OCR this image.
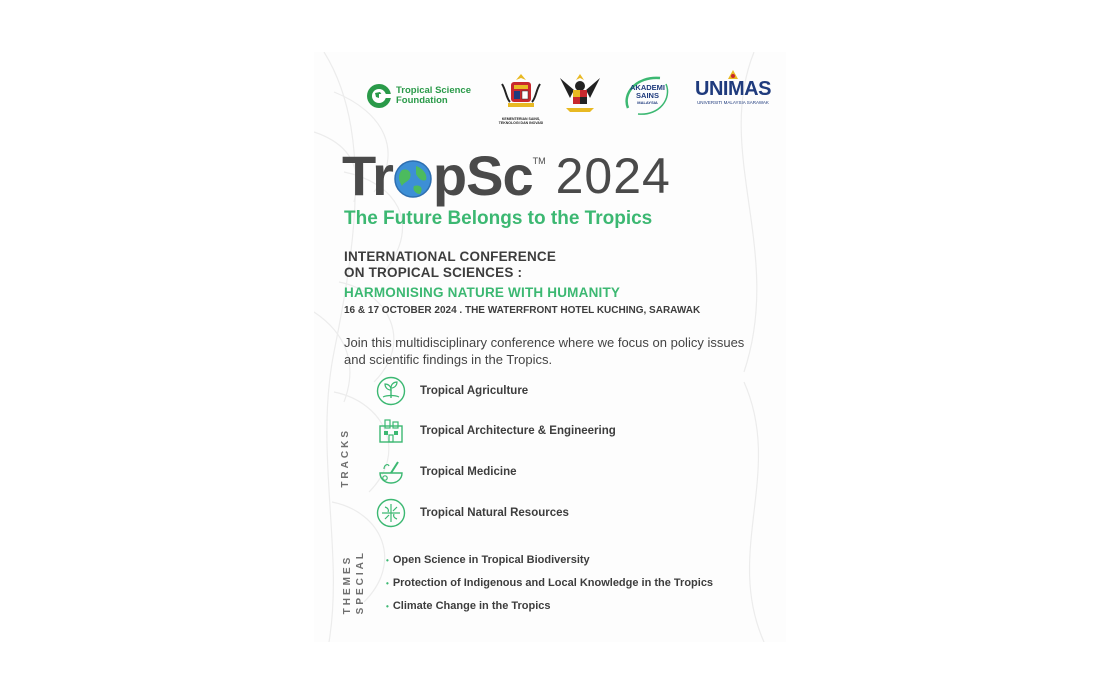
Tropical Science
Foundation
KEMENTERIAN SAINS, TEKNOLOGI DAN INOVASI
AKADEMI
SAINS
MALAYSIA
UNIMAS
UNIVERSITI MALAYSIA SARAWAK
Tr pSc TM 2024
The Future Belongs to the Tropics
INTERNATIONAL CONFERENCE
ON TROPICAL SCIENCES :
HARMONISING NATURE WITH HUMANITY
16 & 17 OCTOBER 2024 . THE WATERFRONT HOTEL KUCHING, SARAWAK
Join this multidisciplinary conference where we focus on policy issues and scientific findings in the Tropics.
TRACKS
Tropical Agriculture
Tropical Architecture & Engineering
Tropical Medicine
Tropical Natural Resources
SPECIAL
THEMES	• Open Science in Tropical Biodiversity
• Protection of Indigenous and Local Knowledge in the Tropics
• Climate Change in the Tropics
